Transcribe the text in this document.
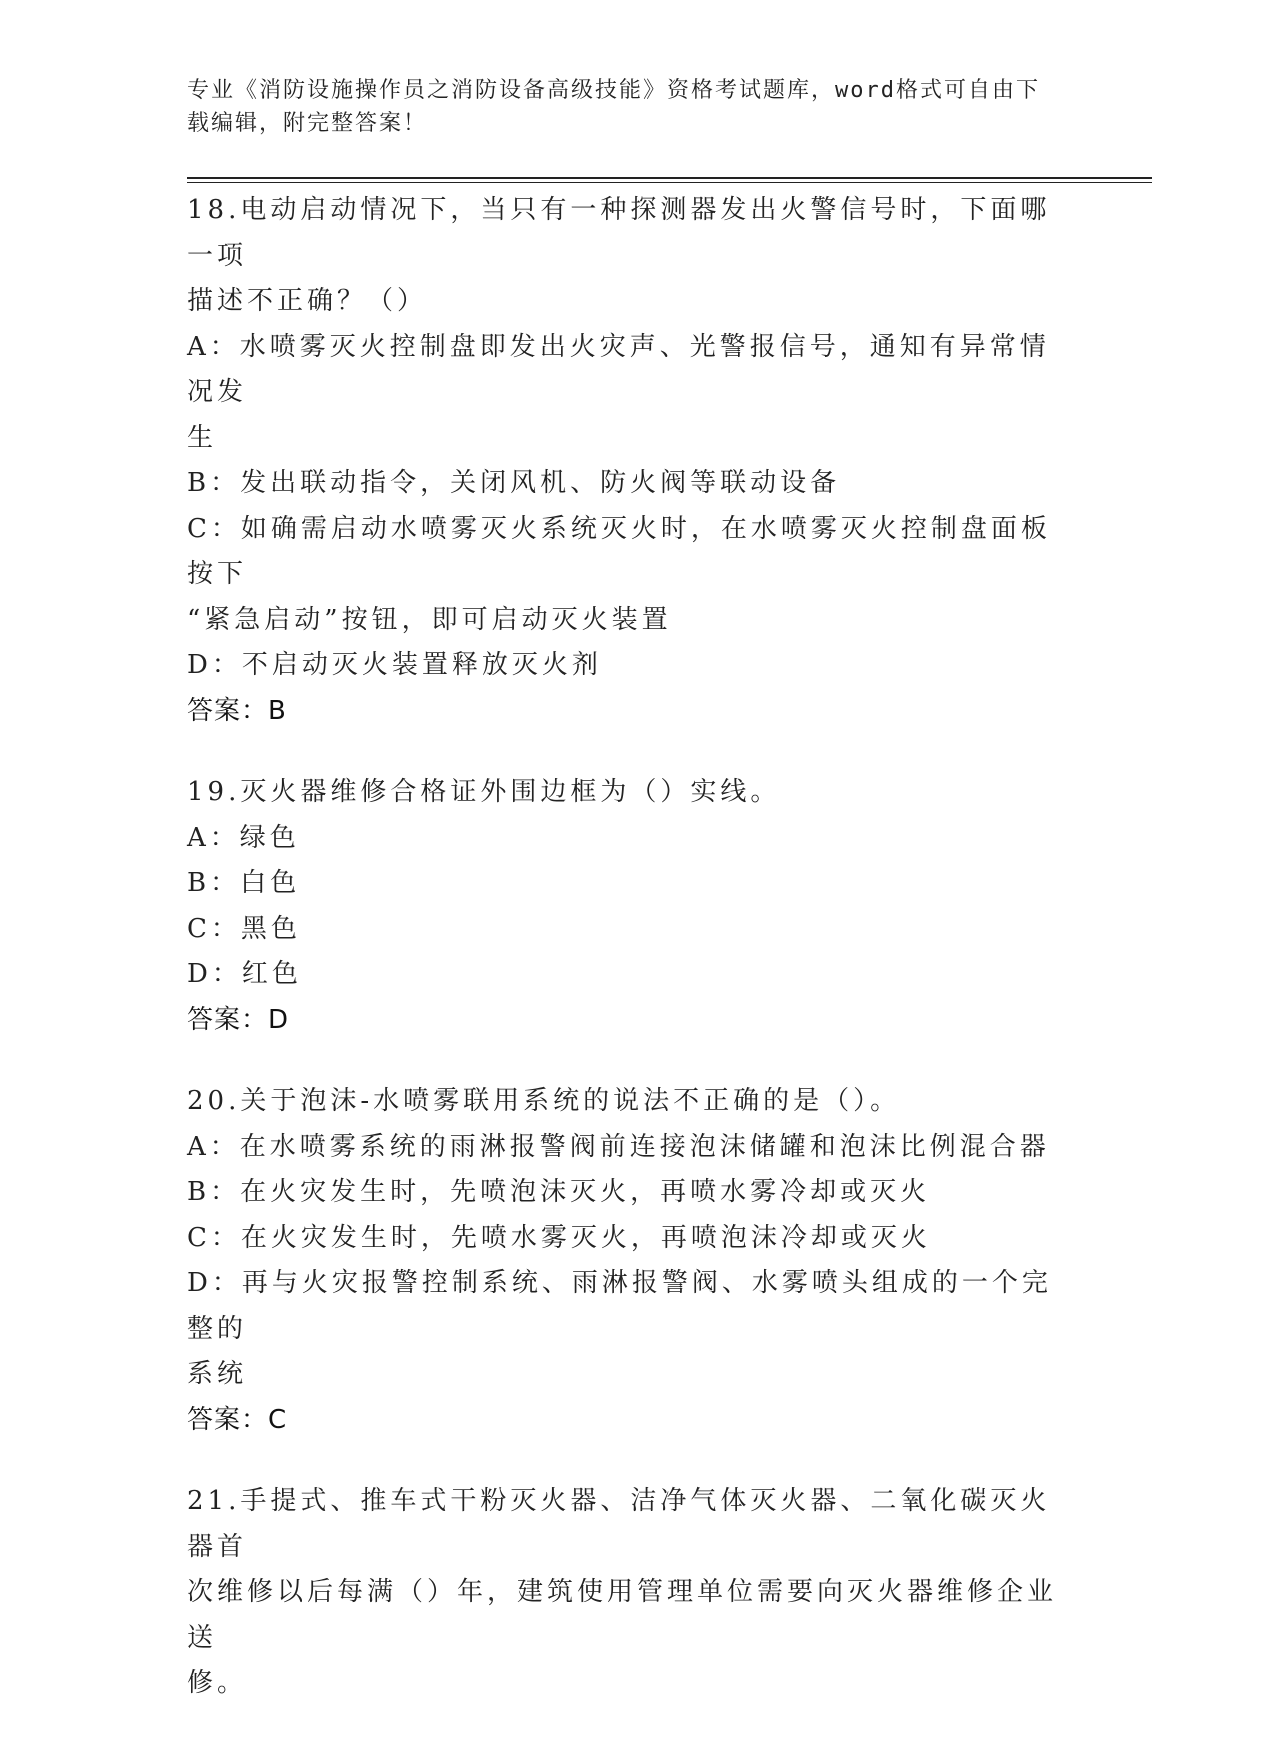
专业《消防设施操作员之消防设备高级技能》资格考试题库，word格式可自由下
载编辑，附完整答案！
18.电动启动情况下，当只有一种探测器发出火警信号时，下面哪一项
描述不正确？（）
A：水喷雾灭火控制盘即发出火灾声、光警报信号，通知有异常情况发
生
B：发出联动指令，关闭风机、防火阀等联动设备
C：如确需启动水喷雾灭火系统灭火时，在水喷雾灭火控制盘面板按下
“紧急启动”按钮，即可启动灭火装置
D：不启动灭火装置释放灭火剂
答案：B
19.灭火器维修合格证外围边框为（）实线。
A：绿色
B：白色
C：黑色
D：红色
答案：D
20.关于泡沫-水喷雾联用系统的说法不正确的是（）。
A：在水喷雾系统的雨淋报警阀前连接泡沫储罐和泡沫比例混合器
B：在火灾发生时，先喷泡沫灭火，再喷水雾冷却或灭火
C：在火灾发生时，先喷水雾灭火，再喷泡沫冷却或灭火
D：再与火灾报警控制系统、雨淋报警阀、水雾喷头组成的一个完整的
系统
答案：C
21.手提式、推车式干粉灭火器、洁净气体灭火器、二氧化碳灭火器首
次维修以后每满（）年，建筑使用管理单位需要向灭火器维修企业送
修。
